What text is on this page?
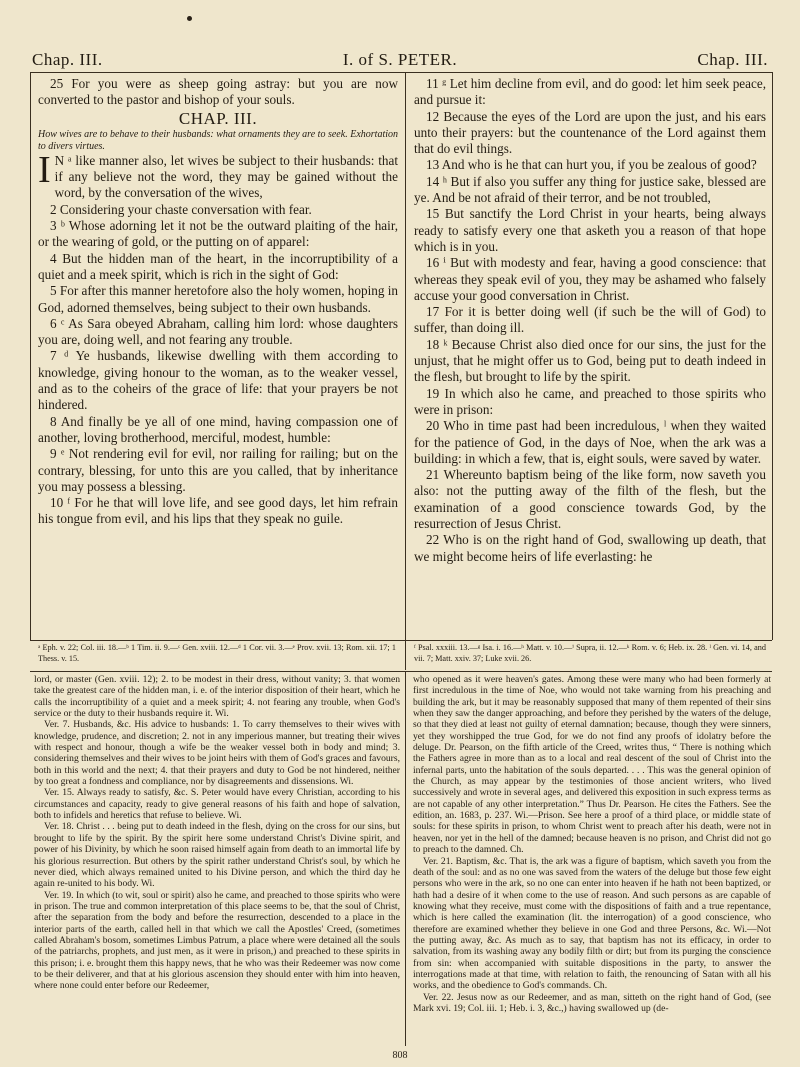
Chap. III.	I. of S. PETER.	Chap. III.

25 For you were as sheep going astray: but you are now converted to the pastor and bishop of your souls.

CHAP. III.

How wives are to behave to their husbands: what ornaments they are to seek. Exhortation to divers virtues.

I N ᵃ like manner also, let wives be subject to their husbands: that if any believe not the word, they may be gained without the word, by the conversation of the wives,

2 Considering your chaste conversation with fear.

3 ᵇ Whose adorning let it not be the outward plaiting of the hair, or the wearing of gold, or the putting on of apparel:

4 But the hidden man of the heart, in the incorruptibility of a quiet and a meek spirit, which is rich in the sight of God:

5 For after this manner heretofore also the holy women, hoping in God, adorned themselves, being subject to their own husbands.

6 ᶜ As Sara obeyed Abraham, calling him lord: whose daughters you are, doing well, and not fearing any trouble.

7 ᵈ Ye husbands, likewise dwelling with them according to knowledge, giving honour to the woman, as to the weaker vessel, and as to the coheirs of the grace of life: that your prayers be not hindered.

8 And finally be ye all of one mind, having compassion one of another, loving brotherhood, merciful, modest, humble:

9 ᵉ Not rendering evil for evil, nor railing for railing; but on the contrary, blessing, for unto this are you called, that by inheritance you may possess a blessing.

10 ᶠ For he that will love life, and see good days, let him refrain his tongue from evil, and his lips that they speak no guile.

11 ᵍ Let him decline from evil, and do good: let him seek peace, and pursue it:

12 Because the eyes of the Lord are upon the just, and his ears unto their prayers: but the countenance of the Lord against them that do evil things.

13 And who is he that can hurt you, if you be zealous of good?

14 ʰ But if also you suffer any thing for justice sake, blessed are ye. And be not afraid of their terror, and be not troubled,

15 But sanctify the Lord Christ in your hearts, being always ready to satisfy every one that asketh you a reason of that hope which is in you.

16 ⁱ But with modesty and fear, having a good conscience: that whereas they speak evil of you, they may be ashamed who falsely accuse your good conversation in Christ.

17 For it is better doing well (if such be the will of God) to suffer, than doing ill.

18 ᵏ Because Christ also died once for our sins, the just for the unjust, that he might offer us to God, being put to death indeed in the flesh, but brought to life by the spirit.

19 In which also he came, and preached to those spirits who were in prison:

20 Who in time past had been incredulous, ˡ when they waited for the patience of God, in the days of Noe, when the ark was a building: in which a few, that is, eight souls, were saved by water.

21 Whereunto baptism being of the like form, now saveth you also: not the putting away of the filth of the flesh, but the examination of a good conscience towards God, by the resurrection of Jesus Christ.

22 Who is on the right hand of God, swallowing up death, that we might become heirs of life everlasting: he

ᵃ Eph. v. 22; Col. iii. 18.—ᵇ 1 Tim. ii. 9.—ᶜ Gen. xviii. 12.—ᵈ 1 Cor. vii. 3.—ᵉ Prov. xvii. 13; Rom. xii. 17; 1 Thess. v. 15.
ᶠ Psal. xxxiii. 13.—ᵍ Isa. i. 16.—ʰ Matt. v. 10.—ⁱ Supra, ii. 12.—ᵏ Rom. v. 6; Heb. ix. 28. ˡ Gen. vi. 14, and vii. 7; Matt. xxiv. 37; Luke xvii. 26.

lord, or master (Gen. xviii. 12); 2. to be modest in their dress, without vanity; 3. that women take the greatest care of the hidden man, i. e. of the interior disposition of their heart, which he calls the incorruptibility of a quiet and a meek spirit; 4. not fearing any trouble, when God's service or the duty to their husbands require it. Wi.

Ver. 7. Husbands, &c. His advice to husbands: 1. To carry themselves to their wives with knowledge, prudence, and discretion; 2. not in any imperious manner, but treating their wives with respect and honour, though a wife be the weaker vessel both in body and mind; 3. considering themselves and their wives to be joint heirs with them of God's graces and favours, both in this world and the next; 4. that their prayers and duty to God be not hindered, neither by too great a fondness and compliance, nor by disagreements and dissensions. Wi.

Ver. 15. Always ready to satisfy, &c. S. Peter would have every Christian, according to his circumstances and capacity, ready to give general reasons of his faith and hope of salvation, both to infidels and heretics that refuse to believe. Wi.

Ver. 18. Christ . . . being put to death indeed in the flesh, dying on the cross for our sins, but brought to life by the spirit. By the spirit here some understand Christ's Divine spirit, and power of his Divinity, by which he soon raised himself again from death to an immortal life by his glorious resurrection. But others by the spirit rather understand Christ's soul, by which he never died, which always remained united to his Divine person, and which the third day he again re-united to his body. Wi.

Ver. 19. In which (to wit, soul or spirit) also he came, and preached to those spirits who were in prison. The true and common interpretation of this place seems to be, that the soul of Christ, after the separation from the body and before the resurrection, descended to a place in the interior parts of the earth, called hell in that which we call the Apostles' Creed, (sometimes called Abraham's bosom, sometimes Limbus Patrum, a place where were detained all the souls of the patriarchs, prophets, and just men, as it were in prison,) and preached to these spirits in this prison; i. e. brought them this happy news, that he who was their Redeemer was now come to be their deliverer, and that at his glorious ascension they should enter with him into heaven, where none could enter before our Redeemer,

who opened as it were heaven's gates. Among these were many who had been formerly at first incredulous in the time of Noe, who would not take warning from his preaching and building the ark, but it may be reasonably supposed that many of them repented of their sins when they saw the danger approaching, and before they perished by the waters of the deluge, so that they died at least not guilty of eternal damnation; because, though they were sinners, yet they worshipped the true God, for we do not find any proofs of idolatry before the deluge. Dr. Pearson, on the fifth article of the Creed, writes thus, “ There is nothing which the Fathers agree in more than as to a local and real descent of the soul of Christ into the infernal parts, unto the habitation of the souls departed. . . . This was the general opinion of the Church, as may appear by the testimonies of those ancient writers, who lived successively and wrote in several ages, and delivered this exposition in such express terms as are not capable of any other interpretation.” Thus Dr. Pearson. He cites the Fathers. See the edition, an. 1683, p. 237. Wi.—Prison. See here a proof of a third place, or middle state of souls: for these spirits in prison, to whom Christ went to preach after his death, were not in heaven, nor yet in the hell of the damned; because heaven is no prison, and Christ did not go to preach to the damned. Ch.

Ver. 21. Baptism, &c. That is, the ark was a figure of baptism, which saveth you from the death of the soul: and as no one was saved from the waters of the deluge but those few eight persons who were in the ark, so no one can enter into heaven if he hath not been baptized, or hath had a desire of it when come to the use of reason. And such persons as are capable of knowing what they receive, must come with the dispositions of faith and a true repentance, which is here called the examination (lit. the interrogation) of a good conscience, who therefore are examined whether they believe in one God and three Persons, &c. Wi.—Not the putting away, &c. As much as to say, that baptism has not its efficacy, in order to salvation, from its washing away any bodily filth or dirt; but from its purging the conscience from sin: when accompanied with suitable dispositions in the party, to answer the interrogations made at that time, with relation to faith, the renouncing of Satan with all his works, and the obedience to God's commands. Ch.

Ver. 22. Jesus now as our Redeemer, and as man, sitteth on the right hand of God, (see Mark xvi. 19; Col. iii. 1; Heb. i. 3, &c.,) having swallowed up (de-

808
